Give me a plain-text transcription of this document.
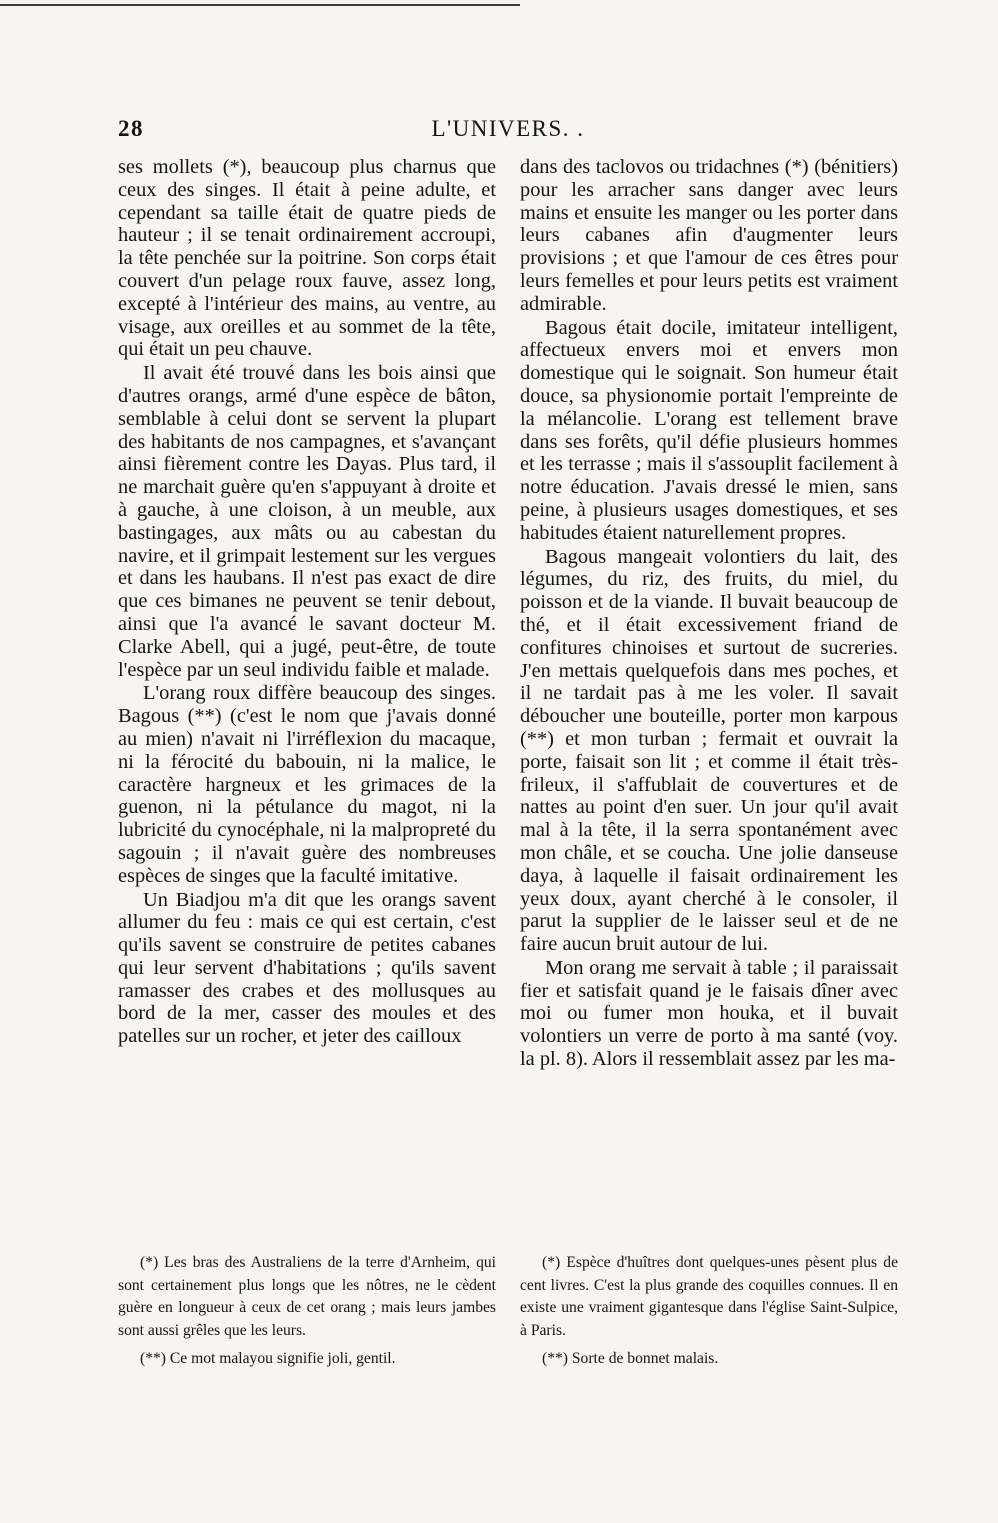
L'UNIVERS. .
28

ses mollets (*), beaucoup plus charnus que ceux des singes. Il était à peine adulte, et cependant sa taille était de quatre pieds de hauteur ; il se tenait ordinairement accroupi, la tête penchée sur la poitrine. Son corps était couvert d'un pelage roux fauve, assez long, excepté à l'intérieur des mains, au ventre, au visage, aux oreilles et au sommet de la tête, qui était un peu chauve.

Il avait été trouvé dans les bois ainsi que d'autres orangs, armé d'une espèce de bâton, semblable à celui dont se servent la plupart des habitants de nos campagnes, et s'avançant ainsi fièrement contre les Dayas. Plus tard, il ne marchait guère qu'en s'appuyant à droite et à gauche, à une cloison, à un meuble, aux bastingages, aux mâts ou au cabestan du navire, et il grimpait lestement sur les vergues et dans les haubans. Il n'est pas exact de dire que ces bimanes ne peuvent se tenir debout, ainsi que l'a avancé le savant docteur M. Clarke Abell, qui a jugé, peut-être, de toute l'espèce par un seul individu faible et malade.

L'orang roux diffère beaucoup des singes. Bagous (**) (c'est le nom que j'avais donné au mien) n'avait ni l'irréflexion du macaque, ni la férocité du babouin, ni la malice, le caractère hargneux et les grimaces de la guenon, ni la pétulance du magot, ni la lubricité du cynocéphale, ni la malpropreté du sagouin ; il n'avait guère des nombreuses espèces de singes que la faculté imitative.

Un Biadjou m'a dit que les orangs savent allumer du feu : mais ce qui est certain, c'est qu'ils savent se construire de petites cabanes qui leur servent d'habitations ; qu'ils savent ramasser des crabes et des mollusques au bord de la mer, casser des moules et des patelles sur un rocher, et jeter des cailloux

dans des taclovos ou tridachnes (*) (bénitiers) pour les arracher sans danger avec leurs mains et ensuite les manger ou les porter dans leurs cabanes afin d'augmenter leurs provisions ; et que l'amour de ces êtres pour leurs femelles et pour leurs petits est vraiment admirable.

Bagous était docile, imitateur intelligent, affectueux envers moi et envers mon domestique qui le soignait. Son humeur était douce, sa physionomie portait l'empreinte de la mélancolie. L'orang est tellement brave dans ses forêts, qu'il défie plusieurs hommes et les terrasse ; mais il s'assouplit facilement à notre éducation. J'avais dressé le mien, sans peine, à plusieurs usages domestiques, et ses habitudes étaient naturellement propres.

Bagous mangeait volontiers du lait, des légumes, du riz, des fruits, du miel, du poisson et de la viande. Il buvait beaucoup de thé, et il était excessivement friand de confitures chinoises et surtout de sucreries. J'en mettais quelquefois dans mes poches, et il ne tardait pas à me les voler. Il savait déboucher une bouteille, porter mon karpous (**) et mon turban ; fermait et ouvrait la porte, faisait son lit ; et comme il était très-frileux, il s'affublait de couvertures et de nattes au point d'en suer. Un jour qu'il avait mal à la tête, il la serra spontanément avec mon châle, et se coucha. Une jolie danseuse daya, à laquelle il faisait ordinairement les yeux doux, ayant cherché à le consoler, il parut la supplier de le laisser seul et de ne faire aucun bruit autour de lui.

Mon orang me servait à table ; il paraissait fier et satisfait quand je le faisais dîner avec moi ou fumer mon houka, et il buvait volontiers un verre de porto à ma santé (voy. la pl. 8). Alors il ressemblait assez par les ma-

(*) Les bras des Australiens de la terre d'Arnheim, qui sont certainement plus longs que les nôtres, ne le cèdent guère en longueur à ceux de cet orang ; mais leurs jambes sont aussi grêles que les leurs.

(**) Ce mot malayou signifie joli, gentil.

(*) Espèce d'huîtres dont quelques-unes pèsent plus de cent livres. C'est la plus grande des coquilles connues. Il en existe une vraiment gigantesque dans l'église Saint-Sulpice, à Paris.

(**) Sorte de bonnet malais.
